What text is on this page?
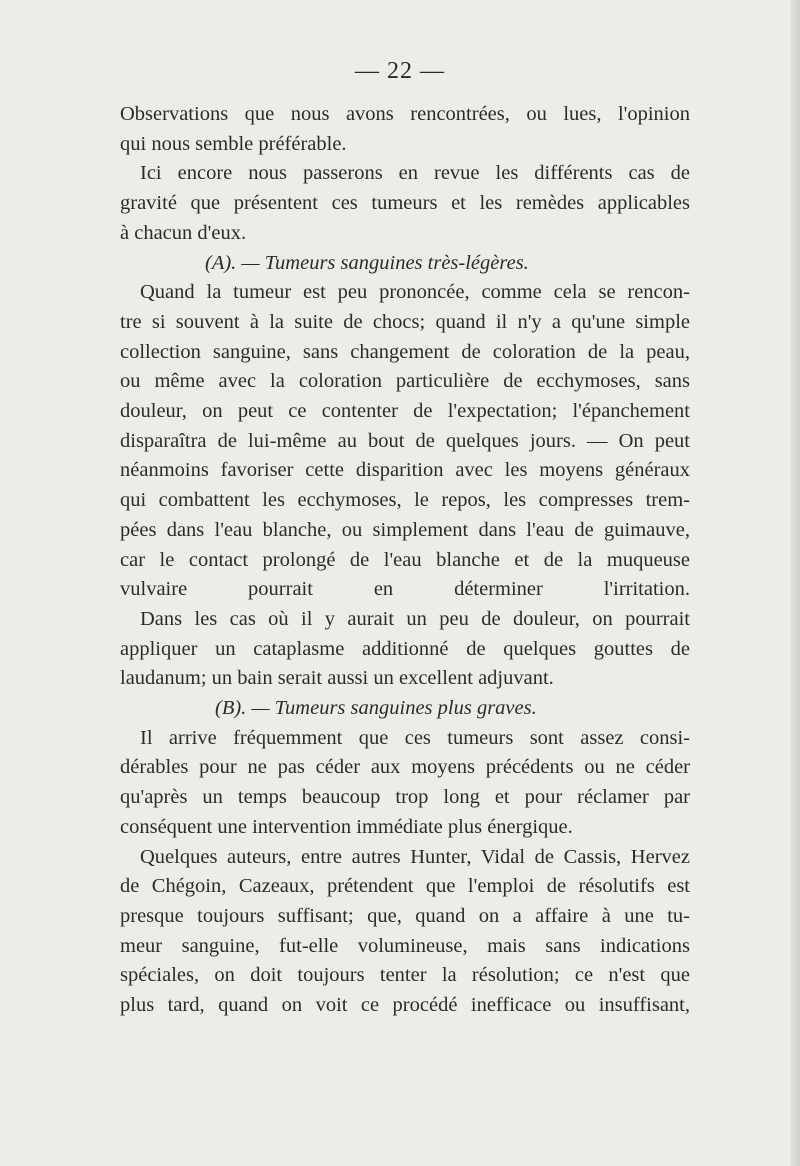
— 22 —
Observations que nous avons rencontrées, ou lues, l'opinion
qui nous semble préférable.
Ici encore nous passerons en revue les différents cas de
gravité que présentent ces tumeurs et les remèdes applicables
à chacun d'eux.
(A). — Tumeurs sanguines très-légères.
Quand la tumeur est peu prononcée, comme cela se rencon-
tre si souvent à la suite de chocs; quand il n'y a qu'une simple
collection sanguine, sans changement de coloration de la peau,
ou même avec la coloration particulière de ecchymoses, sans
douleur, on peut ce contenter de l'expectation; l'épanchement
disparaîtra de lui-même au bout de quelques jours. — On peut
néanmoins favoriser cette disparition avec les moyens généraux
qui combattent les ecchymoses, le repos, les compresses trem-
pées dans l'eau blanche, ou simplement dans l'eau de guimauve,
car le contact prolongé de l'eau blanche et de la muqueuse
vulvaire pourrait en déterminer l'irritation.
Dans les cas où il y aurait un peu de douleur, on pourrait
appliquer un cataplasme additionné de quelques gouttes de
laudanum; un bain serait aussi un excellent adjuvant.
(B). — Tumeurs sanguines plus graves.
Il arrive fréquemment que ces tumeurs sont assez consi-
dérables pour ne pas céder aux moyens précédents ou ne céder
qu'après un temps beaucoup trop long et pour réclamer par
conséquent une intervention immédiate plus énergique.
Quelques auteurs, entre autres Hunter, Vidal de Cassis, Hervez
de Chégoin, Cazeaux, prétendent que l'emploi de résolutifs est
presque toujours suffisant; que, quand on a affaire à une tu-
meur sanguine, fut-elle volumineuse, mais sans indications
spéciales, on doit toujours tenter la résolution; ce n'est que
plus tard, quand on voit ce procédé inefficace ou insuffisant,
